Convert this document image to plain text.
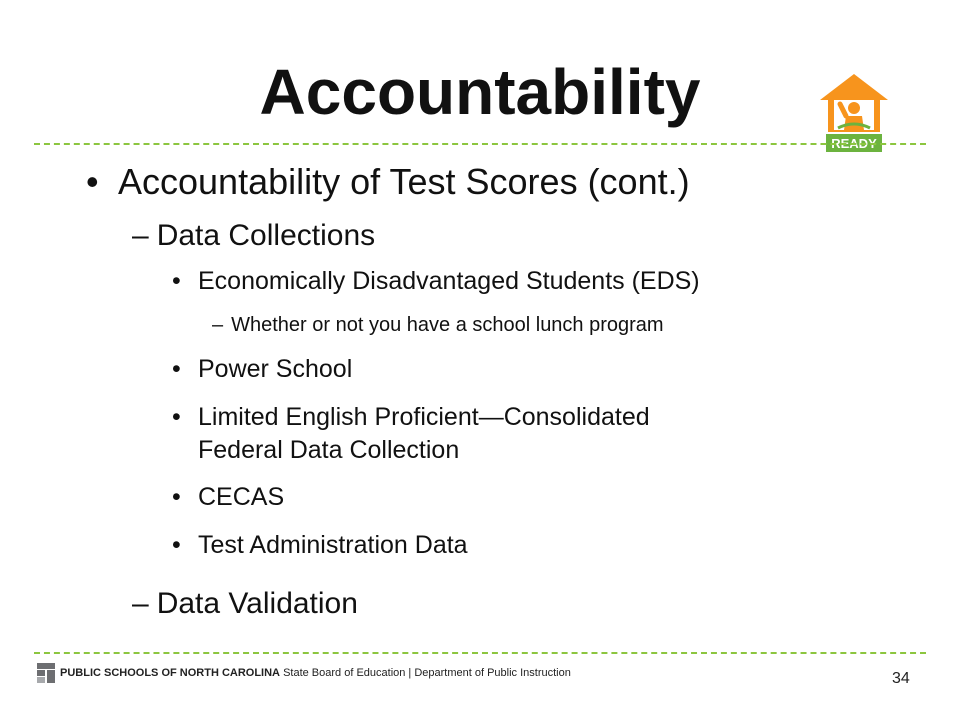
Accountability
READY
• Accountability of Test Scores (cont.)
– Data Collections
• Economically Disadvantaged Students (EDS)
– Whether or not you have a school lunch program
• Power School
• Limited English Proficient—Consolidated
Federal Data Collection
• CECAS
• Test Administration Data
– Data Validation
PUBLIC SCHOOLS OF NORTH CAROLINA State Board of Education | Department of Public Instruction	34
